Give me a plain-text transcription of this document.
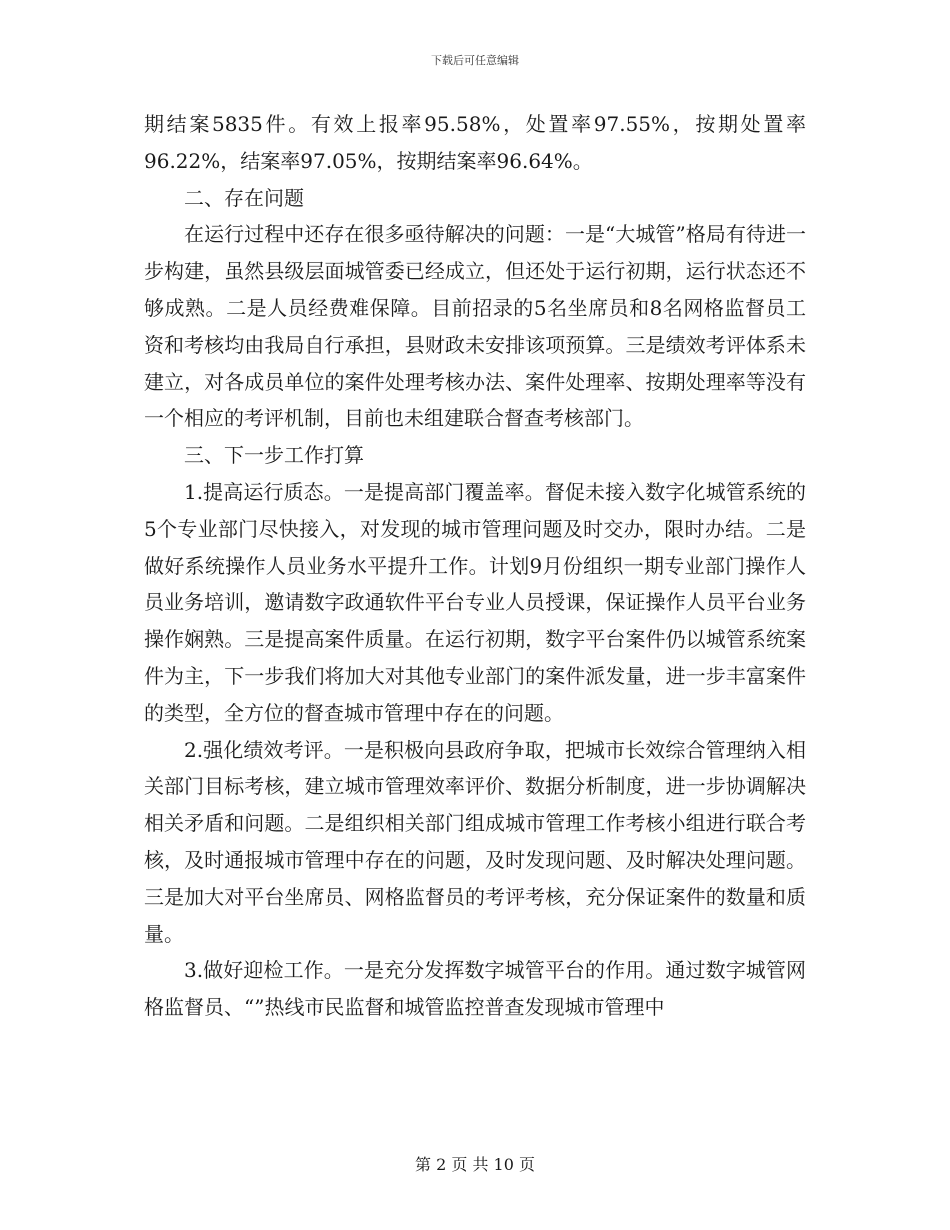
下载后可任意编辑

期结案5835件。有效上报率95.58%，处置率97.55%，按期处置率96.22%，结案率97.05%，按期结案率96.64%。

二、存在问题

在运行过程中还存在很多亟待解决的问题：一是“大城管”格局有待进一步构建，虽然县级层面城管委已经成立，但还处于运行初期，运行状态还不够成熟。二是人员经费难保障。目前招录的5名坐席员和8名网格监督员工资和考核均由我局自行承担，县财政未安排该项预算。三是绩效考评体系未建立，对各成员单位的案件处理考核办法、案件处理率、按期处理率等没有一个相应的考评机制，目前也未组建联合督查考核部门。

三、下一步工作打算

1.提高运行质态。一是提高部门覆盖率。督促未接入数字化城管系统的5个专业部门尽快接入，对发现的城市管理问题及时交办，限时办结。二是做好系统操作人员业务水平提升工作。计划9月份组织一期专业部门操作人员业务培训，邀请数字政通软件平台专业人员授课，保证操作人员平台业务操作娴熟。三是提高案件质量。在运行初期，数字平台案件仍以城管系统案件为主，下一步我们将加大对其他专业部门的案件派发量，进一步丰富案件的类型，全方位的督查城市管理中存在的问题。

2.强化绩效考评。一是积极向县政府争取，把城市长效综合管理纳入相关部门目标考核，建立城市管理效率评价、数据分析制度，进一步协调解决相关矛盾和问题。二是组织相关部门组成城市管理工作考核小组进行联合考核，及时通报城市管理中存在的问题，及时发现问题、及时解决处理问题。三是加大对平台坐席员、网格监督员的考评考核，充分保证案件的数量和质量。

3.做好迎检工作。一是充分发挥数字城管平台的作用。通过数字城管网格监督员、“”热线市民监督和城管监控普查发现城市管理中

第 2 页 共 10 页
